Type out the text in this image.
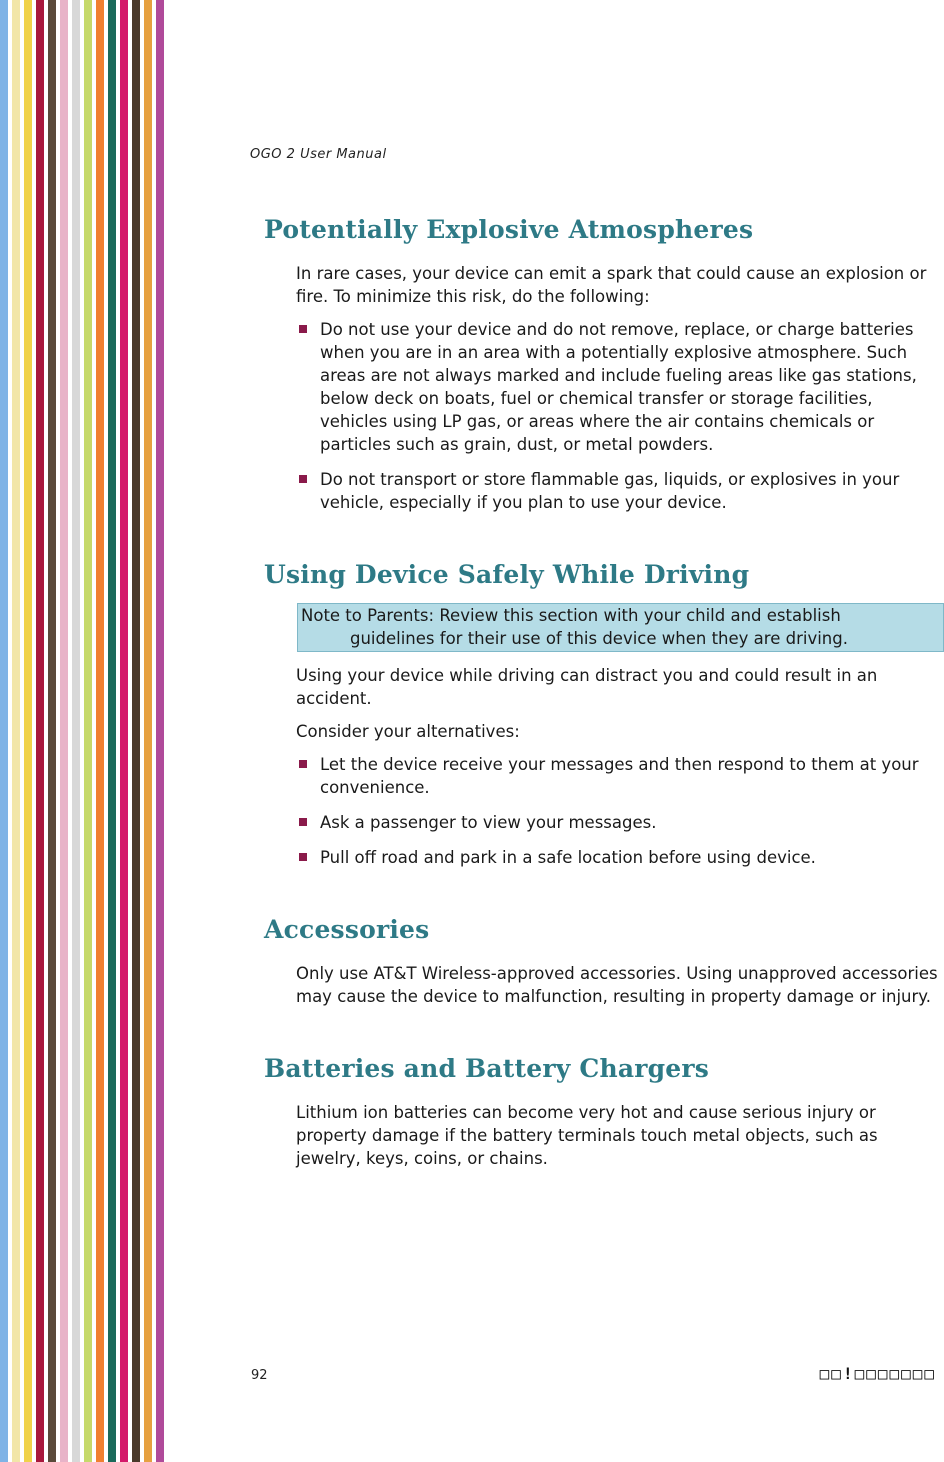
OGO 2 User Manual
Potentially Explosive Atmospheres

In rare cases, your device can emit a spark that could cause an explosion or fire. To minimize this risk, do the following:

Do not use your device and do not remove, replace, or charge batteries when you are in an area with a potentially explosive atmosphere. Such areas are not always marked and include fueling areas like gas stations, below deck on boats, fuel or chemical transfer or storage facilities, vehicles using LP gas, or areas where the air contains chemicals or particles such as grain, dust, or metal powders.
Do not transport or store flammable gas, liquids, or explosives in your vehicle, especially if you plan to use your device.
Using Device Safely While Driving
Note to Parents: Review this section with your child and establish
guidelines for their use of this device when they are driving.

Using your device while driving can distract you and could result in an accident.

Consider your alternatives:

Let the device receive your messages and then respond to them at your convenience.
Ask a passenger to view your messages.
Pull off road and park in a safe location before using device.
Accessories

Only use AT&T Wireless-approved accessories. Using unapproved accessories may cause the device to malfunction, resulting in property damage or injury.

Batteries and Battery Chargers

Lithium ion batteries can become very hot and cause serious injury or property damage if the battery terminals touch metal objects, such as jewelry, keys, coins, or chains.

92	□□!□□□□□□□
